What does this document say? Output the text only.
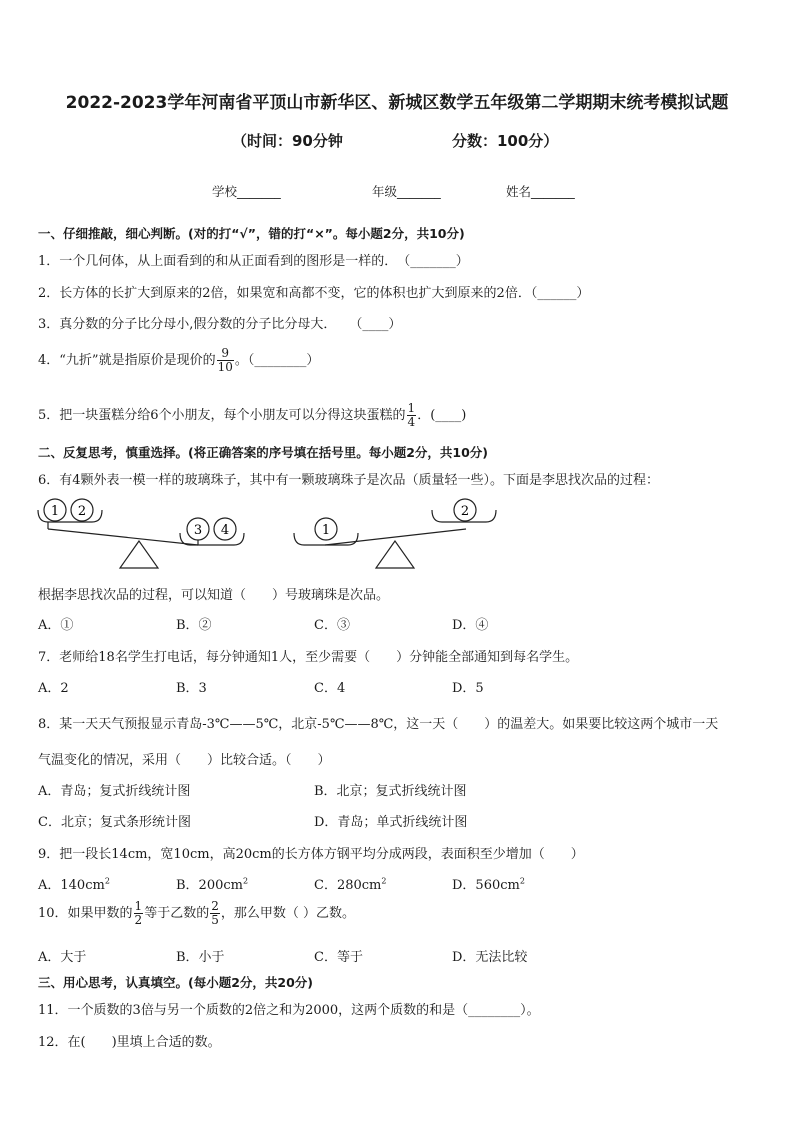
2022-2023学年河南省平顶山市新华区、新城区数学五年级第二学期期末统考模拟试题
（时间：90分钟	分数：100分）
学校_______	年级_______	姓名_______
一、仔细推敲，细心判断。(对的打“√”，错的打“×”。每小题2分，共10分)
1．一个几何体，从上面看到的和从正面看到的图形是一样的．　（_______）
2．长方体的长扩大到原来的2倍，如果宽和高都不变，它的体积也扩大到原来的2倍．（______）
3．真分数的分子比分母小,假分数的分子比分母大．　　（____）
4．“九折”就是指原价是现价的 $\frac{9}{10}$ 。（________）
5．把一块蛋糕分给6个小朋友，每个小朋友可以分得这块蛋糕的 $\frac{1}{4}$ ．(____)
二、反复思考，慎重选择。(将正确答案的序号填在括号里。每小题2分，共10分)
6．有4颗外表一模一样的玻璃珠子，其中有一颗玻璃珠子是次品（质量轻一些）。下面是李思找次品的过程：
1 2
3 4	1
2
根据李思找次品的过程，可以知道（　　）号玻璃珠是次品。
A．①	B．②	C．③	D．④
7．老师给18名学生打电话，每分钟通知1人，至少需要（　　）分钟能全部通知到每名学生。
A．2	B．3	C．4	D．5
8．某一天天气预报显示青岛-3℃——5℃，北京-5℃——8℃，这一天（　　）的温差大。如果要比较这两个城市一天
气温变化的情况，采用（　　）比较合适。（　　）
A．青岛；复式折线统计图	B．北京；复式折线统计图
C．北京；复式条形统计图	D．青岛；单式折线统计图
9．把一段长14cm，宽10cm，高20cm的长方体方钢平均分成两段，表面积至少增加（　　）
A．$140cm^2$	B．$200cm^2$	C．$280cm^2$	D．$560cm^2$
10．如果甲数的 $\frac{1}{2}$ 等于乙数的 $\frac{2}{5}$ ，那么甲数（ ）乙数。
A．大于	B．小于	C．等于	D．无法比较
三、用心思考，认真填空。(每小题2分，共20分)
11．一个质数的3倍与另一个质数的2倍之和为2000，这两个质数的和是（________）。
12．在(　　)里填上合适的数。
